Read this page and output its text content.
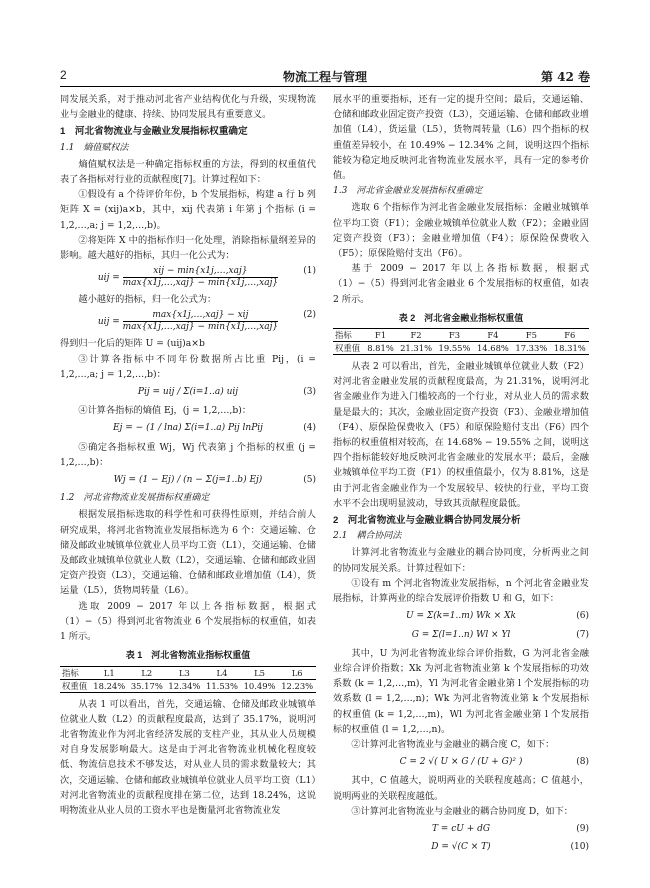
2	物流工程与管理	第 42 卷

同发展关系，对于推动河北省产业结构优化与升级，实现物流业与金融业的健康、持续、协同发展具有重要意义。

1　河北省物流业与金融业发展指标权重确定
1.1　熵值赋权法

熵值赋权法是一种确定指标权重的方法，得到的权重值代表了各指标对行业的贡献程度[7]。计算过程如下：

①假设有 a 个待评价年份，b 个发展指标，构建 a 行 b 列矩阵 X = (xij)a×b，其中，xij 代表第 i 年第 j 个指标 (i = 1,2,…,a; j = 1,2,…,b)。

②将矩阵 X 中的指标作归一化处理，消除指标量纲差异的影响。越大越好的指标，其归一化公式为：

uij =
xij − min{x1j,…,xaj}
max{x1j,…,xaj} − min{x1j,…,xaj}
(1)

越小越好的指标，归一化公式为：

uij =
max{x1j,…,xaj} − xij
max{x1j,…,xaj} − min{x1j,…,xaj}
(2)

得到归一化后的矩阵 U = (uij)a×b

③计算各指标中不同年份数据所占比重 Pij，(i = 1,2,…,a; j = 1,2,…,b)：

Pij = uij / Σ(i=1..a) uij	(3)

④计算各指标的熵值 Ej，(j = 1,2,…,b)：

Ej = − (1 / lna) Σ(i=1..a) Pij lnPij	(4)

⑤确定各指标权重 Wj，Wj 代表第 j 个指标的权重 (j = 1,2,…,b)：

Wj = (1 − Ej) / (n − Σ(j=1..b) Ej)	(5)
1.2　河北省物流业发展指标权重确定

根据发展指标选取的科学性和可获得性原则，并结合前人研究成果，将河北省物流业发展指标选为 6 个：交通运输、仓储及邮政业城镇单位就业人员平均工资（L1），交通运输、仓储及邮政业城镇单位就业人数（L2），交通运输、仓储和邮政业固定资产投资（L3），交通运输、仓储和邮政业增加值（L4），货运量（L5），货物周转量（L6）。

选取 2009 − 2017 年以上各指标数据，根据式（1）−（5）得到河北省物流业 6 个发展指标的权重值，如表 1 所示。

表 1　河北省物流业指标权重值
指标	L1	L2	L3	L4	L5	L6
权重值	18.24%	35.17%	12.34%	11.53%	10.49%	12.23%

从表 1 可以看出，首先，交通运输、仓储及邮政业城镇单位就业人数（L2）的贡献程度最高，达到了 35.17%，说明河北省物流业作为河北省经济发展的支柱产业，其从业人员规模对自身发展影响最大。这是由于河北省物流业机械化程度较低、物流信息技术不够发达，对从业人员的需求数量较大；其次，交通运输、仓储和邮政业城镇单位就业人员平均工资（L1）对河北省物流业的贡献程度排在第二位，达到 18.24%，这说明物流业从业人员的工资水平也是衡量河北省物流业发

展水平的重要指标，还有一定的提升空间；最后，交通运输、仓储和邮政业固定资产投资（L3），交通运输、仓储和邮政业增加值（L4），货运量（L5），货物周转量（L6）四个指标的权重值差异较小，在 10.49% − 12.34% 之间，说明这四个指标能较为稳定地反映河北省物流业发展水平，具有一定的参考价值。

1.3　河北省金融业发展指标权重确定

选取 6 个指标作为河北省金融业发展指标：金融业城镇单位平均工资（F1）；金融业城镇单位就业人数（F2）；金融业固定资产投资（F3）；金融业增加值（F4）；原保险保费收入（F5）；原保险赔付支出（F6）。

基于 2009 − 2017 年以上各指标数据，根据式（1）−（5）得到河北省金融业 6 个发展指标的权重值，如表 2 所示。

表 2　河北省金融业指标权重值
指标	F1	F2	F3	F4	F5	F6
权重值	8.81%	21.31%	19.55%	14.68%	17.33%	18.31%

从表 2 可以看出，首先，金融业城镇单位就业人数（F2）对河北省金融业发展的贡献程度最高，为 21.31%，说明河北省金融业作为进入门槛较高的一个行业，对从业人员的需求数量是最大的；其次，金融业固定资产投资（F3）、金融业增加值（F4）、原保险保费收入（F5）和原保险赔付支出（F6）四个指标的权重值相对较高，在 14.68% − 19.55% 之间，说明这四个指标能较好地反映河北省金融业的发展水平；最后，金融业城镇单位平均工资（F1）的权重值最小，仅为 8.81%，这是由于河北省金融业作为一个发展较早、较快的行业，平均工资水平不会出现明显波动，导致其贡献程度最低。

2　河北省物流业与金融业耦合协同发展分析
2.1　耦合协同法

计算河北省物流业与金融业的耦合协同度，分析两业之间的协同发展关系。计算过程如下：

①设有 m 个河北省物流业发展指标，n 个河北省金融业发展指标，计算两业的综合发展评价指数 U 和 G，如下：

U = Σ(k=1..m) Wk × Xk	(6)
G = Σ(l=1..n) Wl × Yl	(7)

其中，U 为河北省物流业综合评价指数，G 为河北省金融业综合评价指数；Xk 为河北省物流业第 k 个发展指标的功效系数 (k = 1,2,…,m)，Yl 为河北省金融业第 l 个发展指标的功效系数 (l = 1,2,…,n)；Wk 为河北省物流业第 k 个发展指标的权重值 (k = 1,2,…,m)，Wl 为河北省金融业第 l 个发展指标的权重值 (l = 1,2,…,n)。

②计算河北省物流业与金融业的耦合度 C，如下：

C = 2 √( U × G / (U + G)² )	(8)

其中，C 值越大，说明两业的关联程度越高；C 值越小，说明两业的关联程度越低。

③计算河北省物流业与金融业的耦合协同度 D，如下：

T = cU + dG	(9)
D = √(C × T)	(10)
